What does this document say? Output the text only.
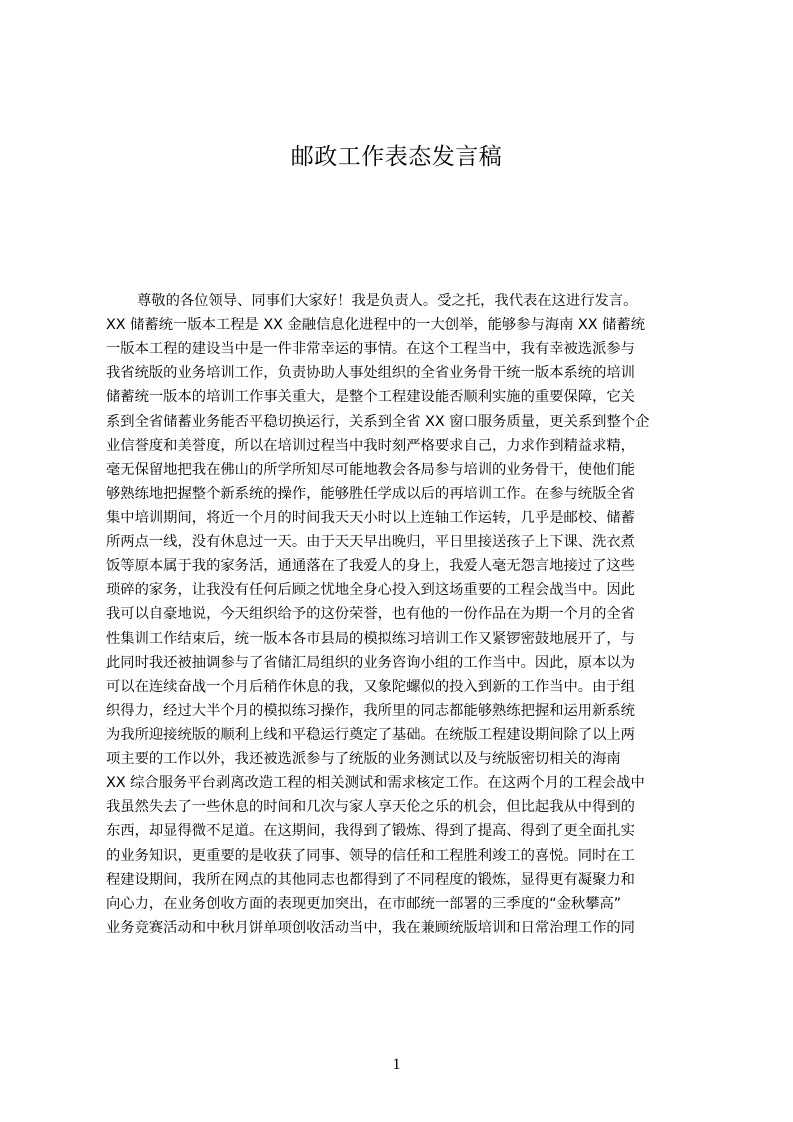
邮政工作表态发言稿
尊敬的各位领导、同事们大家好！我是负责人。受之托，我代表在这进行发言。
XX 储蓄统一版本工程是 XX 金融信息化进程中的一大创举，能够参与海南 XX 储蓄统
一版本工程的建设当中是一件非常幸运的事情。在这个工程当中，我有幸被选派参与
我省统版的业务培训工作，负责协助人事处组织的全省业务骨干统一版本系统的培训
储蓄统一版本的培训工作事关重大，是整个工程建设能否顺利实施的重要保障，它关
系到全省储蓄业务能否平稳切换运行，关系到全省 XX 窗口服务质量，更关系到整个企
业信誉度和美誉度，所以在培训过程当中我时刻严格要求自己，力求作到精益求精，
毫无保留地把我在佛山的所学所知尽可能地教会各局参与培训的业务骨干，使他们能
够熟练地把握整个新系统的操作，能够胜任学成以后的再培训工作。在参与统版全省
集中培训期间，将近一个月的时间我天天小时以上连轴工作运转，几乎是邮校、储蓄
所两点一线，没有休息过一天。由于天天早出晚归，平日里接送孩子上下课、洗衣煮
饭等原本属于我的家务活，通通落在了我爱人的身上，我爱人毫无怨言地接过了这些
琐碎的家务，让我没有任何后顾之忧地全身心投入到这场重要的工程会战当中。因此
我可以自豪地说，今天组织给予的这份荣誉，也有他的一份作品在为期一个月的全省
性集训工作结束后，统一版本各市县局的模拟练习培训工作又紧锣密鼓地展开了，与
此同时我还被抽调参与了省储汇局组织的业务咨询小组的工作当中。因此，原本以为
可以在连续奋战一个月后稍作休息的我，又象陀螺似的投入到新的工作当中。由于组
织得力，经过大半个月的模拟练习操作，我所里的同志都能够熟练把握和运用新系统
为我所迎接统版的顺利上线和平稳运行奠定了基础。在统版工程建设期间除了以上两
项主要的工作以外，我还被选派参与了统版的业务测试以及与统版密切相关的海南
XX 综合服务平台剥离改造工程的相关测试和需求核定工作。在这两个月的工程会战中
我虽然失去了一些休息的时间和几次与家人享天伦之乐的机会，但比起我从中得到的
东西，却显得微不足道。在这期间，我得到了锻炼、得到了提高、得到了更全面扎实
的业务知识，更重要的是收获了同事、领导的信任和工程胜利竣工的喜悦。同时在工
程建设期间，我所在网点的其他同志也都得到了不同程度的锻炼，显得更有凝聚力和
向心力，在业务创收方面的表现更加突出，在市邮统一部署的三季度的“金秋攀高”
业务竞赛活动和中秋月饼单项创收活动当中，我在兼顾统版培训和日常治理工作的同
1
